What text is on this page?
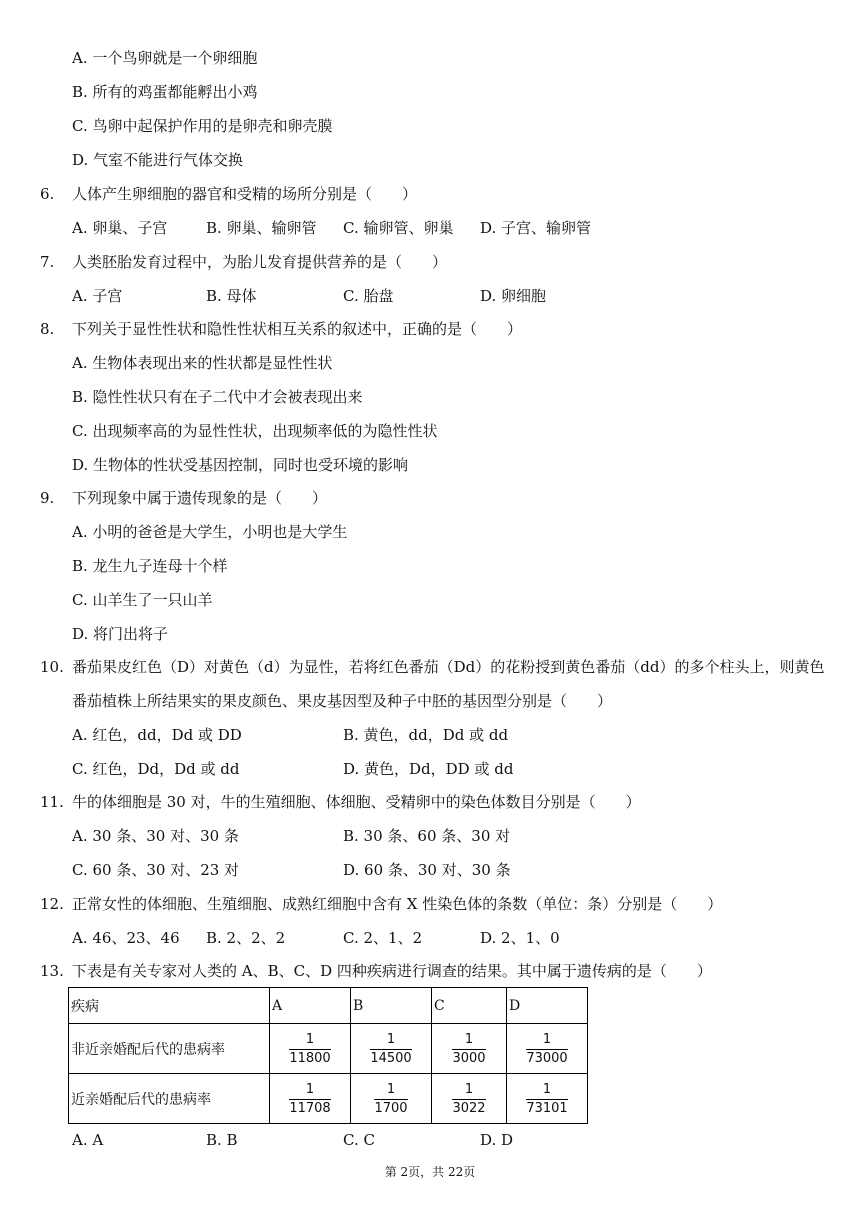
A. 一个鸟卵就是一个卵细胞
B. 所有的鸡蛋都能孵出小鸡
C. 鸟卵中起保护作用的是卵壳和卵壳膜
D. 气室不能进行气体交换
6. 人体产生卵细胞的器官和受精的场所分别是（　　）
A. 卵巢、子宫	B. 卵巢、输卵管 C. 输卵管、卵巢 D. 子宫、输卵管
7. 人类胚胎发育过程中，为胎儿发育提供营养的是（　　）
A. 子宫	B. 母体	C. 胎盘	D. 卵细胞
8. 下列关于显性性状和隐性性状相互关系的叙述中，正确的是（　　）
A. 生物体表现出来的性状都是显性性状
B. 隐性性状只有在子二代中才会被表现出来
C. 出现频率高的为显性性状，出现频率低的为隐性性状
D. 生物体的性状受基因控制，同时也受环境的影响
9. 下列现象中属于遗传现象的是（　　）
A. 小明的爸爸是大学生，小明也是大学生
B. 龙生九子连母十个样
C. 山羊生了一只山羊
D. 将门出将子
10. 番茄果皮红色（D）对黄色（d）为显性，若将红色番茄（Dd）的花粉授到黄色番茄（dd）的多个柱头上，则黄色
番茄植株上所结果实的果皮颜色、果皮基因型及种子中胚的基因型分别是（　　）
A. 红色，dd，Dd 或 DD	B. 黄色，dd，Dd 或 dd
C. 红色，Dd，Dd 或 dd	D. 黄色，Dd，DD 或 dd
11. 牛的体细胞是 30 对，牛的生殖细胞、体细胞、受精卵中的染色体数目分别是（　　）
A. 30 条、30 对、30 条	B. 30 条、60 条、30 对
C. 60 条、30 对、23 对	D. 60 条、30 对、30 条
12. 正常女性的体细胞、生殖细胞、成熟红细胞中含有 X 性染色体的条数（单位：条）分别是（　　）
A. 46、23、46 B. 2、2、2	C. 2、1、2	D. 2、1、0
13. 下表是有关专家对人类的 A、B、C、D 四种疾病进行调查的结果。其中属于遗传病的是（　　）
疾病	A	B	C	D
非近亲婚配后代的患病率	$\frac{1}{11800}$	$\frac{1}{14500}$	$\frac{1}{3000}$	$\frac{1}{73000}$

近亲婚配后代的患病率	$\frac{1}{11708}$	$\frac{1}{1700}$	$\frac{1}{3022}$	$\frac{1}{73101}$
A. A	B. B	C. C	D. D
第 2页，共 22页
